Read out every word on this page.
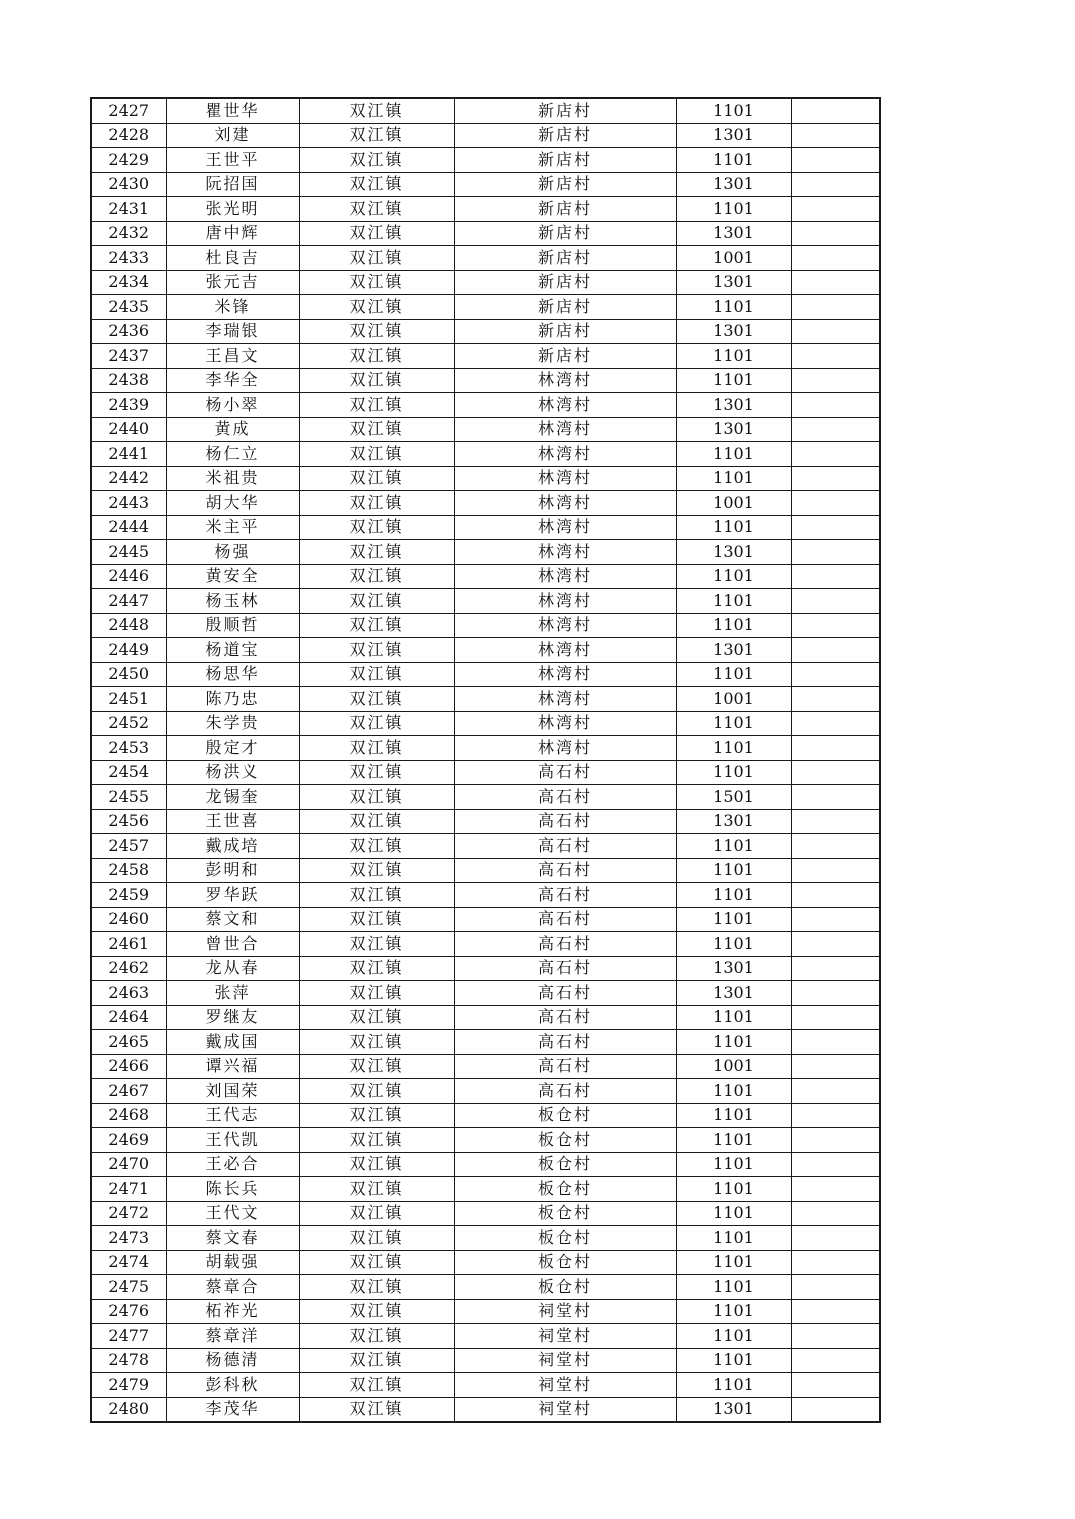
2427	瞿世华	双江镇	新店村	1101	
2428	刘建	双江镇	新店村	1301	
2429	王世平	双江镇	新店村	1101	
2430	阮招国	双江镇	新店村	1301	
2431	张光明	双江镇	新店村	1101	
2432	唐中辉	双江镇	新店村	1301	
2433	杜良吉	双江镇	新店村	1001	
2434	张元吉	双江镇	新店村	1301	
2435	米锋	双江镇	新店村	1101	
2436	李瑞银	双江镇	新店村	1301	
2437	王昌文	双江镇	新店村	1101	
2438	李华全	双江镇	林湾村	1101	
2439	杨小翠	双江镇	林湾村	1301	
2440	黄成	双江镇	林湾村	1301	
2441	杨仁立	双江镇	林湾村	1101	
2442	米祖贵	双江镇	林湾村	1101	
2443	胡大华	双江镇	林湾村	1001	
2444	米主平	双江镇	林湾村	1101	
2445	杨强	双江镇	林湾村	1301	
2446	黄安全	双江镇	林湾村	1101	
2447	杨玉林	双江镇	林湾村	1101	
2448	殷顺哲	双江镇	林湾村	1101	
2449	杨道宝	双江镇	林湾村	1301	
2450	杨思华	双江镇	林湾村	1101	
2451	陈乃忠	双江镇	林湾村	1001	
2452	朱学贵	双江镇	林湾村	1101	
2453	殷定才	双江镇	林湾村	1101	
2454	杨洪义	双江镇	高石村	1101	
2455	龙锡奎	双江镇	高石村	1501	
2456	王世喜	双江镇	高石村	1301	
2457	戴成培	双江镇	高石村	1101	
2458	彭明和	双江镇	高石村	1101	
2459	罗华跃	双江镇	高石村	1101	
2460	蔡文和	双江镇	高石村	1101	
2461	曾世合	双江镇	高石村	1101	
2462	龙从春	双江镇	高石村	1301	
2463	张萍	双江镇	高石村	1301	
2464	罗继友	双江镇	高石村	1101	
2465	戴成国	双江镇	高石村	1101	
2466	谭兴福	双江镇	高石村	1001	
2467	刘国荣	双江镇	高石村	1101	
2468	王代志	双江镇	板仓村	1101	
2469	王代凯	双江镇	板仓村	1101	
2470	王必合	双江镇	板仓村	1101	
2471	陈长兵	双江镇	板仓村	1101	
2472	王代文	双江镇	板仓村	1101	
2473	蔡文春	双江镇	板仓村	1101	
2474	胡载强	双江镇	板仓村	1101	
2475	蔡章合	双江镇	板仓村	1101	
2476	柘祚光	双江镇	祠堂村	1101	
2477	蔡章洋	双江镇	祠堂村	1101	
2478	杨德清	双江镇	祠堂村	1101	
2479	彭科秋	双江镇	祠堂村	1101	
2480	李茂华	双江镇	祠堂村	1301	
